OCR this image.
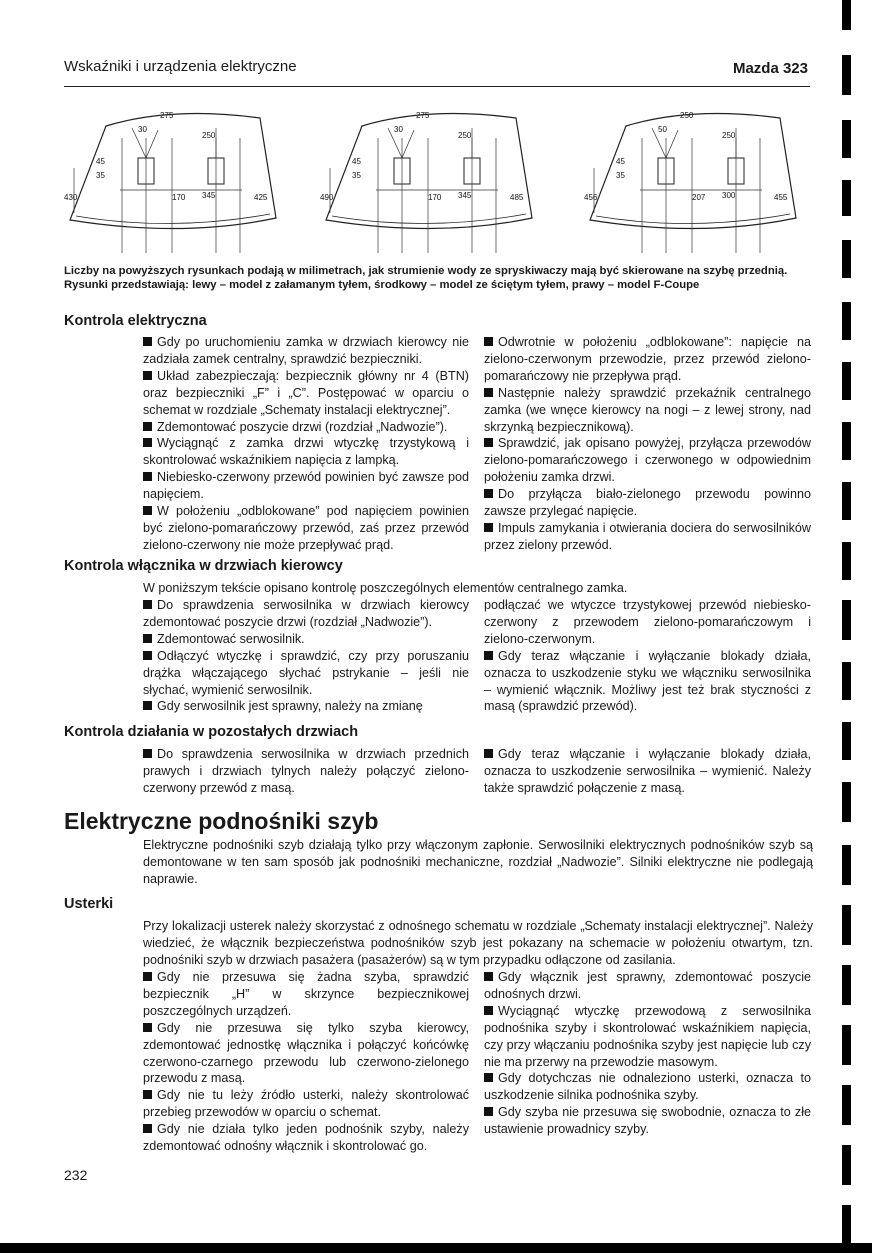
Wskaźniki i urządzenia elektryczne	Mazda 323
275
30
250
45
35
430	170 345	425
275
30
250
45
35
490	170 345	485
250
50
250
45
35
456	207 300	455
Liczby na powyższych rysunkach podają w milimetrach, jak strumienie wody ze spryskiwaczy mają być skierowane na szybę przednią. Rysunki przedstawiają: lewy – model z załamanym tyłem, środkowy – model ze ściętym tyłem, prawy – model F-Coupe
Kontrola elektryczna

Gdy po uruchomieniu zamka w drzwiach kierowcy nie zadziała zamek centralny, sprawdzić bezpieczniki.

Układ zabezpieczają: bezpiecznik główny nr 4 (BTN) oraz bezpieczniki „F” i „C”. Postępować w oparciu o schemat w rozdziale „Schematy instalacji elektrycznej”.

Zdemontować poszycie drzwi (rozdział „Nadwozie”).

Wyciągnąć z zamka drzwi wtyczkę trzystykową i skontrolować wskaźnikiem napięcia z lampką.

Niebiesko-czerwony przewód powinien być zawsze pod napięciem.

W położeniu „odblokowane” pod napięciem powinien być zielono-pomarańczowy przewód, zaś przez przewód zielono-czerwony nie może przepływać prąd.

Odwrotnie w położeniu „odblokowane”: napięcie na zielono-czerwonym przewodzie, przez przewód zielono-pomarańczowy nie przepływa prąd.

Następnie należy sprawdzić przekaźnik centralnego zamka (we wnęce kierowcy na nogi – z lewej strony, nad skrzynką bezpiecznikową).

Sprawdzić, jak opisano powyżej, przyłącza przewodów zielono-pomarańczowego i czerwonego w odpowiednim położeniu zamka drzwi.

Do przyłącza biało-zielonego przewodu powinno zawsze przylegać napięcie.

Impuls zamykania i otwierania dociera do serwosilników przez zielony przewód.

Kontrola włącznika w drzwiach kierowcy
W poniższym tekście opisano kontrolę poszczególnych elementów centralnego zamka.

Do sprawdzenia serwosilnika w drzwiach kierowcy zdemontować poszycie drzwi (rozdział „Nadwozie”).

Zdemontować serwosilnik.

Odłączyć wtyczkę i sprawdzić, czy przy poruszaniu drążka włączającego słychać pstrykanie – jeśli nie słychać, wymienić serwosilnik.

Gdy serwosilnik jest sprawny, należy na zmianę

podłączać we wtyczce trzystykowej przewód niebiesko-czerwony z przewodem zielono-pomarańczowym i zielono-czerwonym.

Gdy teraz włączanie i wyłączanie blokady działa, oznacza to uszkodzenie styku we włączniku serwosilnika – wymienić włącznik. Możliwy jest też brak styczności z masą (sprawdzić przewód).

Kontrola działania w pozostałych drzwiach

Do sprawdzenia serwosilnika w drzwiach przednich prawych i drzwiach tylnych należy połączyć zielono-czerwony przewód z masą.

Gdy teraz włączanie i wyłączanie blokady działa, oznacza to uszkodzenie serwosilnika – wymienić. Należy także sprawdzić połączenie z masą.

Elektryczne podnośniki szyb
Elektryczne podnośniki szyb działają tylko przy włączonym zapłonie. Serwosilniki elektrycznych podnośników szyb są demontowane w ten sam sposób jak podnośniki mechaniczne, rozdział „Nadwozie”. Silniki elektryczne nie podlegają naprawie.
Usterki
Przy lokalizacji usterek należy skorzystać z odnośnego schematu w rozdziale „Schematy instalacji elektrycznej”. Należy wiedzieć, że włącznik bezpieczeństwa podnośników szyb jest pokazany na schemacie w położeniu otwartym, tzn. podnośniki szyb w drzwiach pasażera (pasażerów) są w tym przypadku odłączone od zasilania.

Gdy nie przesuwa się żadna szyba, sprawdzić bezpiecznik „H” w skrzynce bezpiecznikowej poszczególnych urządzeń.

Gdy nie przesuwa się tylko szyba kierowcy, zdemontować jednostkę włącznika i połączyć końcówkę czerwono-czarnego przewodu lub czerwono-zielonego przewodu z masą.

Gdy nie tu leży źródło usterki, należy skontrolować przebieg przewodów w oparciu o schemat.

Gdy nie działa tylko jeden podnośnik szyby, należy zdemontować odnośny włącznik i skontrolować go.

Gdy włącznik jest sprawny, zdemontować poszycie odnośnych drzwi.

Wyciągnąć wtyczkę przewodową z serwosilnika podnośnika szyby i skontrolować wskaźnikiem napięcia, czy przy włączaniu podnośnika szyby jest napięcie lub czy nie ma przerwy na przewodzie masowym.

Gdy dotychczas nie odnaleziono usterki, oznacza to uszkodzenie silnika podnośnika szyby.

Gdy szyba nie przesuwa się swobodnie, oznacza to złe ustawienie prowadnicy szyby.

232
